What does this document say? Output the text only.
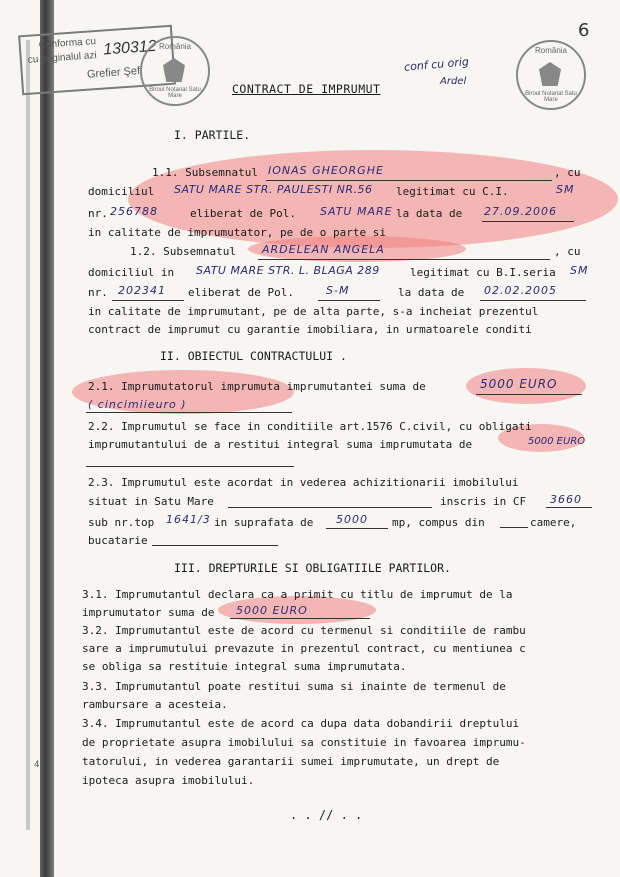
Conforma cu
cu originalul azi 130312
Grefier Şef
România
Biroul Notarial Satu Mare
România
Biroul Notarial Satu Mare
conf cu orig
Ardel
6
CONTRACT DE IMPRUMUT
I. PARTILE.
1.1. Subsemnatul IONAS GHEORGHE	, cu
domiciliul SATU MARE STR. PAULESTI NR.56 legitimat cu C.I.	SM
nr. 256788	eliberat de Pol. SATU MARE la data de 27.09.2006
in calitate de imprumutator, pe de o parte si
1.2. Subsemnatul ARDELEAN ANGELA	, cu
domiciliul in SATU MARE STR. L. BLAGA 289	legitimat cu B.I.seria SM
nr. 202341 eliberat de Pol.	S-M	la data de 02.02.2005
in calitate de imprumutant, pe de alta parte, s-a incheiat prezentul
contract de imprumut cu garantie imobiliara, in urmatoarele conditi
II. OBIECTUL CONTRACTULUI .
2.1. Imprumutatorul imprumuta imprumutantei suma de	5000 EURO
( cincimiieuro )
2.2. Imprumutul se face in conditiile art.1576 C.civil, cu obligati
imprumutantului de a restitui integral suma imprumutata de	5000 EURO
2.3. Imprumutul este acordat in vederea achizitionarii imobilului
situat in Satu Mare	inscris in CF 3660
sub nr.top 1641/3 in suprafata de 5000 mp, compus din	camere,
bucatarie
III. DREPTURILE SI OBLIGATIILE PARTILOR.
3.1. Imprumutantul declara ca a primit cu titlu de imprumut de la
imprumutator suma de 5000 EURO
3.2. Imprumutantul este de acord cu termenul si conditiile de rambu
sare a imprumutului prevazute in prezentul contract, cu mentiunea c
se obliga sa restituie integral suma imprumutata.
3.3. Imprumutantul poate restitui suma si inainte de termenul de
rambursare a acesteia.
3.4. Imprumutantul este de acord ca dupa data dobandirii dreptului
de proprietate asupra imobilului sa constituie in favoarea imprumu-
tatorului, in vederea garantarii sumei imprumutate, un drept de
ipoteca asupra imobilului.
4
. . // . .
